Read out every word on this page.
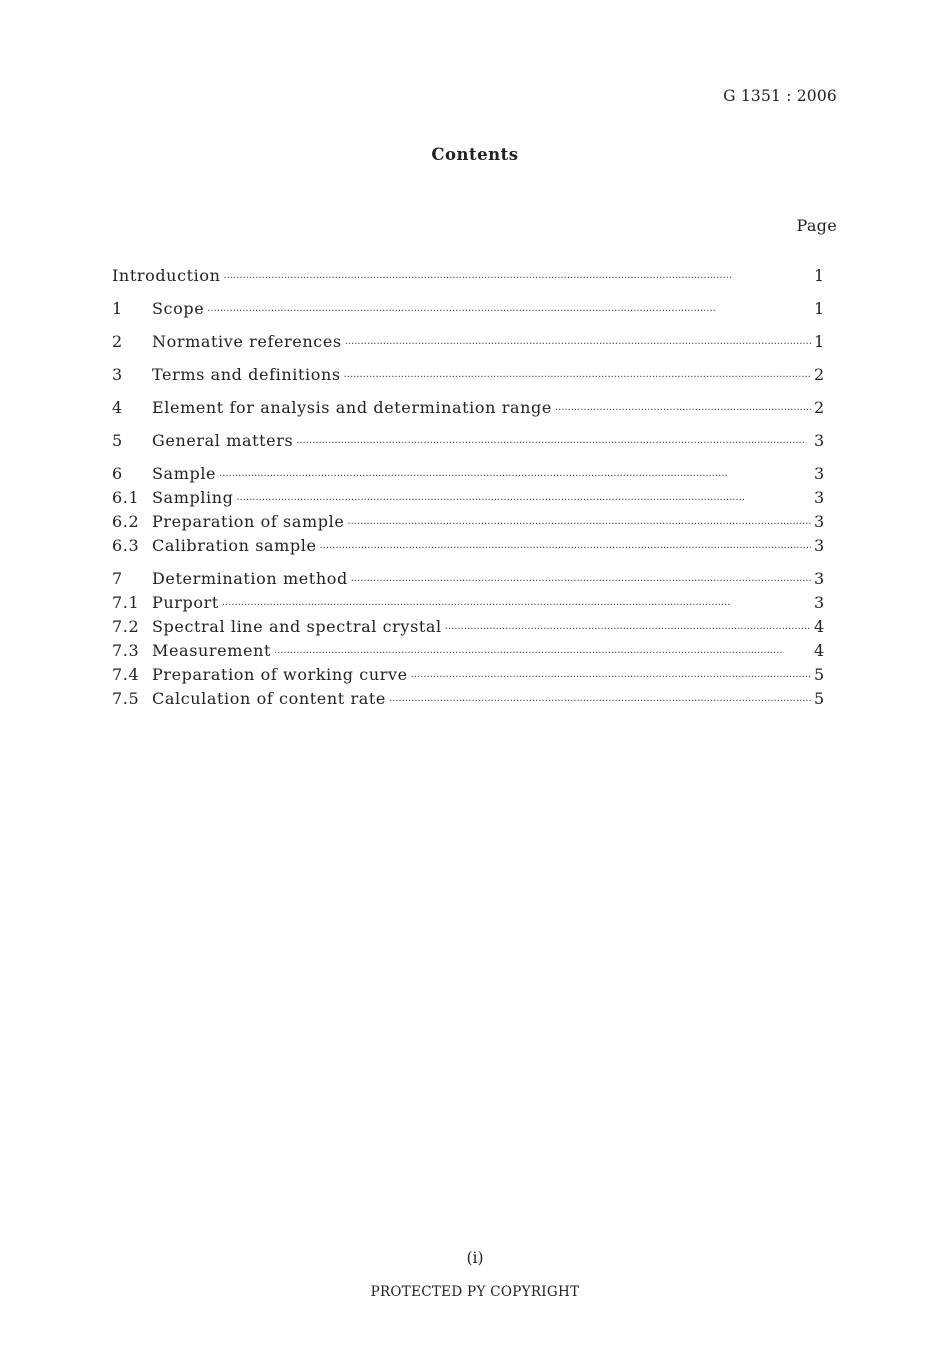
G 1351 : 2006
Contents
Page
Introduction ·····	1
1	Scope ·····	1
2	Normative references ·····	1
3	Terms and definitions ·····	2
4	Element for analysis and determination range ·····	2
5	General matters ·····	3
6	Sample ·····	3
6.1 Sampling ·····	3
6.2 Preparation of sample ·····	3
6.3 Calibration sample ·····	3
7	Determination method ·····	3
7.1 Purport ·····	3
7.2 Spectral line and spectral crystal ·····	4
7.3 Measurement ·····	4
7.4 Preparation of working curve ·····	5
7.5 Calculation of content rate ·····	5
(i)
PROTECTED PY COPYRIGHT
